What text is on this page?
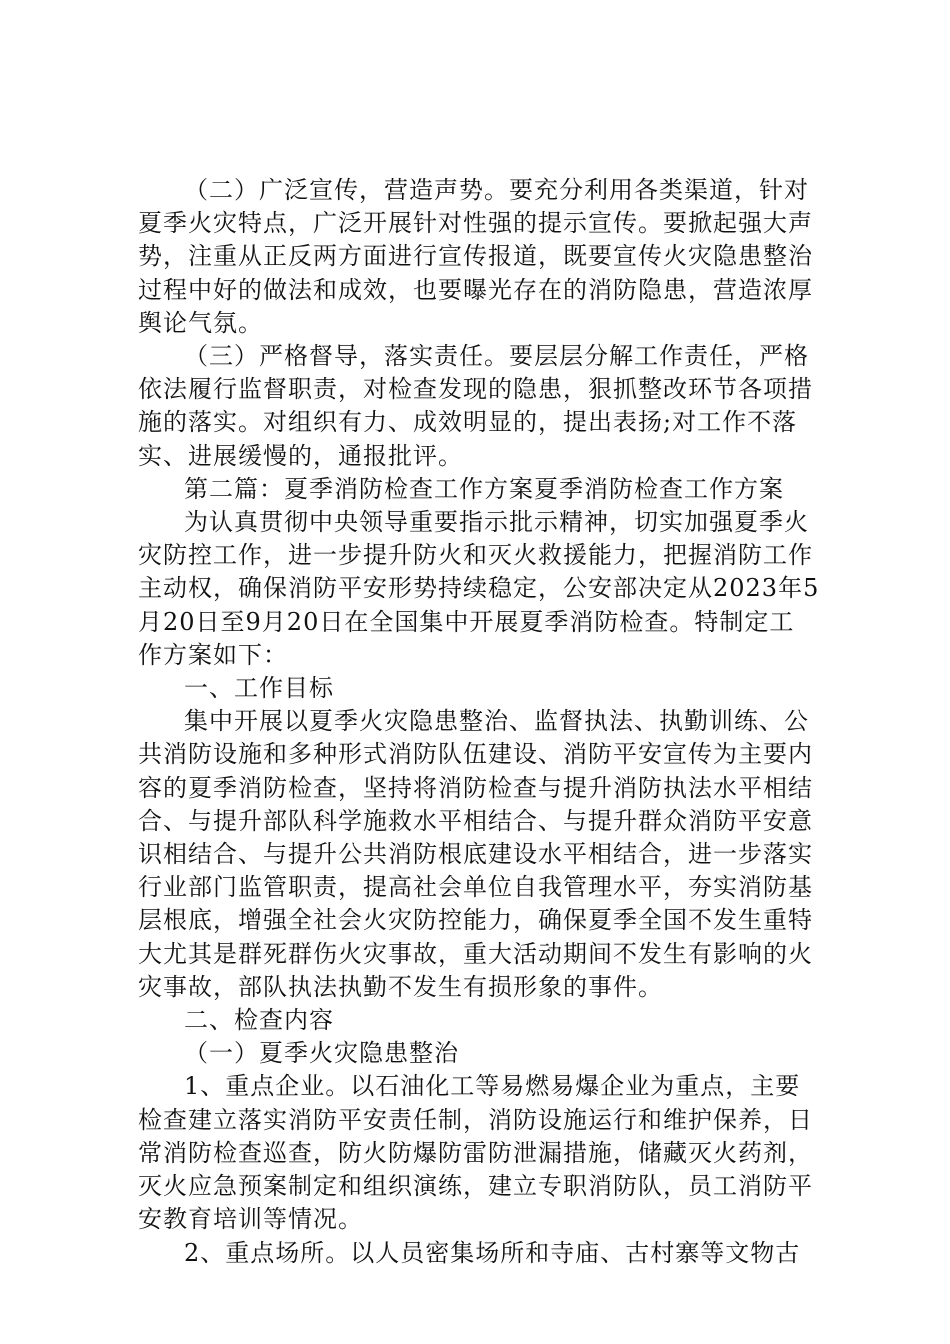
（二）广泛宣传，营造声势。要充分利用各类渠道，针对
夏季火灾特点，广泛开展针对性强的提示宣传。要掀起强大声
势，注重从正反两方面进行宣传报道，既要宣传火灾隐患整治
过程中好的做法和成效，也要曝光存在的消防隐患，营造浓厚
舆论气氛。
（三）严格督导，落实责任。要层层分解工作责任，严格
依法履行监督职责，对检查发现的隐患，狠抓整改环节各项措
施的落实。对组织有力、成效明显的，提出表扬;对工作不落
实、进展缓慢的，通报批评。
第二篇：夏季消防检查工作方案夏季消防检查工作方案
为认真贯彻中央领导重要指示批示精神，切实加强夏季火
灾防控工作，进一步提升防火和灭火救援能力，把握消防工作
主动权，确保消防平安形势持续稳定，公安部决定从2023年5
月20日至9月20日在全国集中开展夏季消防检查。特制定工
作方案如下：
一、工作目标
集中开展以夏季火灾隐患整治、监督执法、执勤训练、公
共消防设施和多种形式消防队伍建设、消防平安宣传为主要内
容的夏季消防检查，坚持将消防检查与提升消防执法水平相结
合、与提升部队科学施救水平相结合、与提升群众消防平安意
识相结合、与提升公共消防根底建设水平相结合，进一步落实
行业部门监管职责，提高社会单位自我管理水平，夯实消防基
层根底，增强全社会火灾防控能力，确保夏季全国不发生重特
大尤其是群死群伤火灾事故，重大活动期间不发生有影响的火
灾事故，部队执法执勤不发生有损形象的事件。
二、检查内容
（一）夏季火灾隐患整治
1、重点企业。以石油化工等易燃易爆企业为重点，主要
检查建立落实消防平安责任制，消防设施运行和维护保养，日
常消防检查巡查，防火防爆防雷防泄漏措施，储藏灭火药剂，
灭火应急预案制定和组织演练，建立专职消防队，员工消防平
安教育培训等情况。
2、重点场所。以人员密集场所和寺庙、古村寨等文物古
